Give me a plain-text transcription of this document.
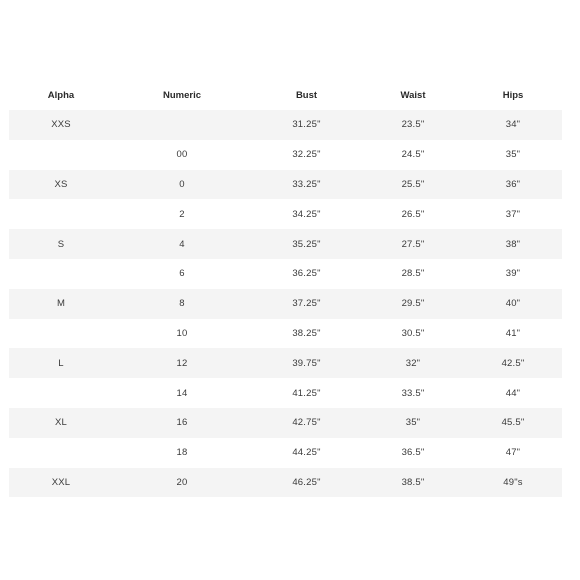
Alpha	Numeric	Bust	Waist	Hips
XXS		31.25"	23.5"	34"
	00	32.25"	24.5"	35"
XS	0	33.25"	25.5"	36"
	2	34.25"	26.5"	37"
S	4	35.25"	27.5"	38"
	6	36.25"	28.5"	39"
M	8	37.25"	29.5"	40"
	10	38.25"	30.5"	41"
L	12	39.75"	32"	42.5"
	14	41.25"	33.5"	44"
XL	16	42.75"	35"	45.5"
	18	44.25"	36.5"	47"
XXL	20	46.25"	38.5"	49"s
